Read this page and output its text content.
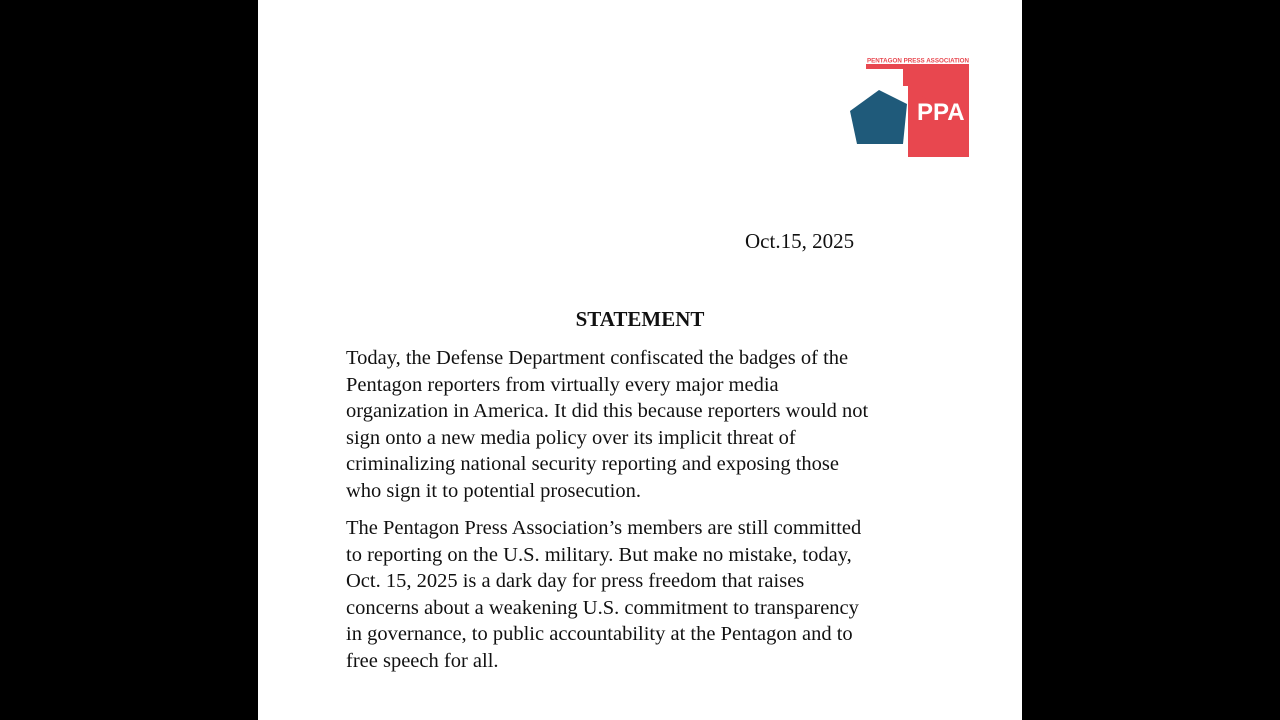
PENTAGON PRESS ASSOCIATION
PPA
Oct.15, 2025
STATEMENT

Today, the Defense Department confiscated the badges of the
Pentagon reporters from virtually every major media
organization in America. It did this because reporters would not
sign onto a new media policy over its implicit threat of
criminalizing national security reporting and exposing those
who sign it to potential prosecution.

The Pentagon Press Association’s members are still committed
to reporting on the U.S. military. But make no mistake, today,
Oct. 15, 2025 is a dark day for press freedom that raises
concerns about a weakening U.S. commitment to transparency
in governance, to public accountability at the Pentagon and to
free speech for all.
